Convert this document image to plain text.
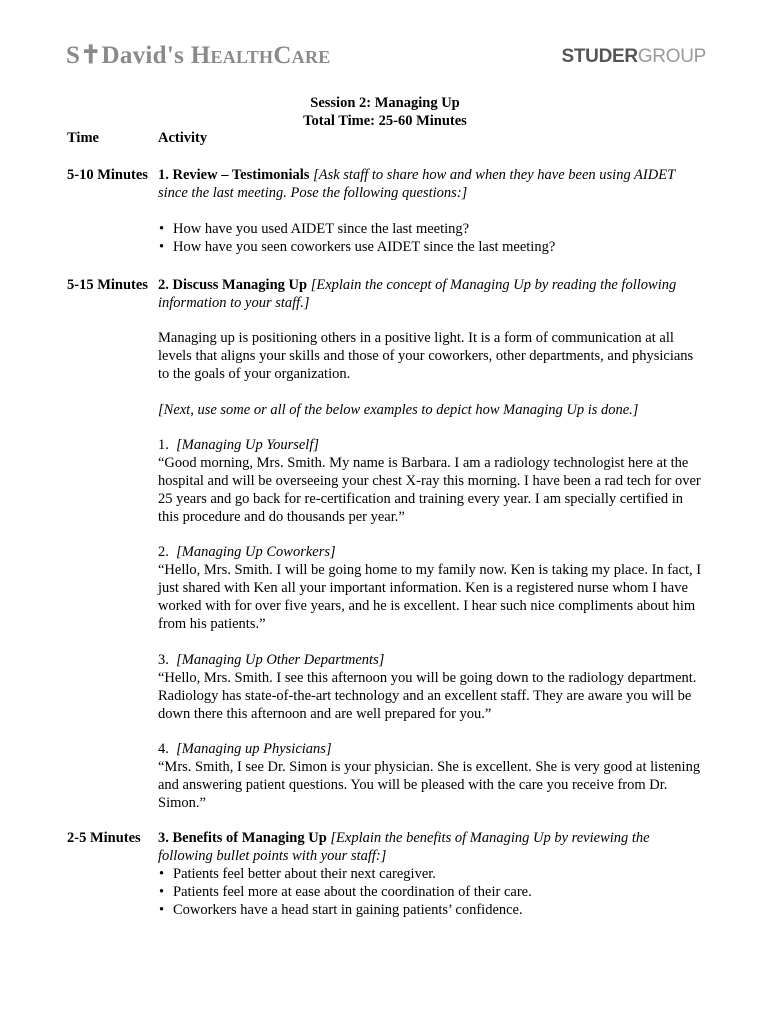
S✝David's HealthCare	STUDERGROUP
Session 2: Managing Up
Total Time: 25-60 Minutes
Time	Activity
5-10 Minutes 1. Review – Testimonials [Ask staff to share how and when they have been using AIDET since the last meeting. Pose the following questions:]

• How have you used AIDET since the last meeting?
• How have you seen coworkers use AIDET since the last meeting?
5-15 Minutes 2. Discuss Managing Up [Explain the concept of Managing Up by reading the following information to your staff.]

Managing up is positioning others in a positive light. It is a form of communication at all levels that aligns your skills and those of your coworkers, other departments, and physicians to the goals of your organization.
[Next, use some or all of the below examples to depict how Managing Up is done.]

1. [Managing Up Yourself]

“Good morning, Mrs. Smith. My name is Barbara. I am a radiology technologist here at the hospital and will be overseeing your chest X-ray this morning. I have been a rad tech for over 25 years and go back for re-certification and training every year. I am specially certified in this procedure and do thousands per year.”

2. [Managing Up Coworkers]

“Hello, Mrs. Smith. I will be going home to my family now. Ken is taking my place. In fact, I just shared with Ken all your important information. Ken is a registered nurse whom I have worked with for over five years, and he is excellent. I hear such nice compliments about him from his patients.”

3. [Managing Up Other Departments]

“Hello, Mrs. Smith. I see this afternoon you will be going down to the radiology department. Radiology has state-of-the-art technology and an excellent staff. They are aware you will be down there this afternoon and are well prepared for you.”

4. [Managing up Physicians]

“Mrs. Smith, I see Dr. Simon is your physician. She is excellent. She is very good at listening and answering patient questions. You will be pleased with the care you receive from Dr. Simon.”

2-5 Minutes 3. Benefits of Managing Up [Explain the benefits of Managing Up by reviewing the following bullet points with your staff:]

• Patients feel better about their next caregiver.
• Patients feel more at ease about the coordination of their care.
• Coworkers have a head start in gaining patients’ confidence.
